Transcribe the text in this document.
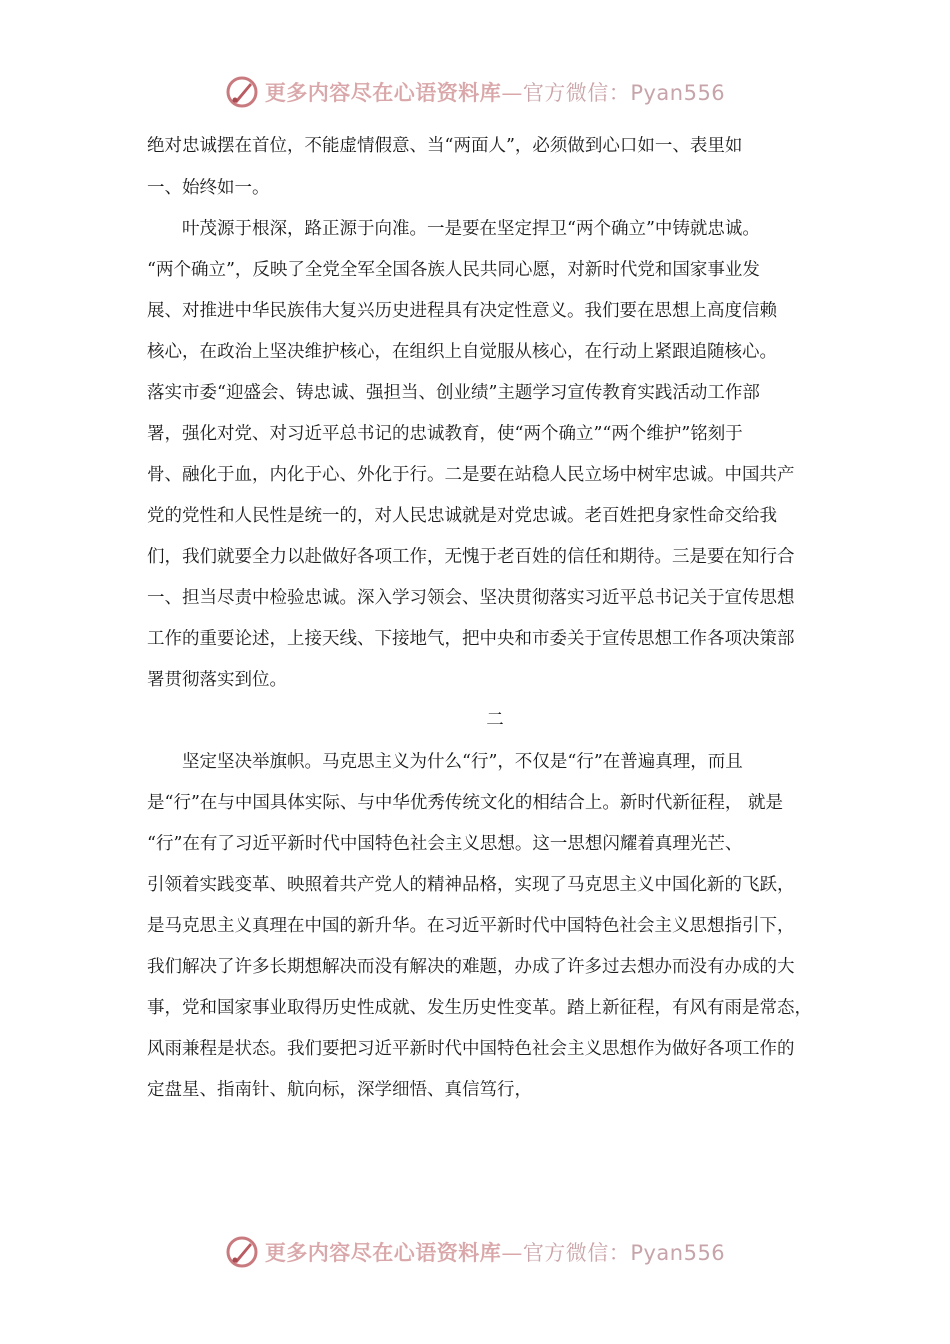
更多内容尽在心语资料库—官方微信：Pyan556
绝对忠诚摆在首位，不能虚情假意、当“两面人”，必须做到心口如一、表里如
一、始终如一。
　　叶茂源于根深，路正源于向准。一是要在坚定捍卫“两个确立”中铸就忠诚。
“两个确立”，反映了全党全军全国各族人民共同心愿，对新时代党和国家事业发
展、对推进中华民族伟大复兴历史进程具有决定性意义。我们要在思想上高度信赖
核心，在政治上坚决维护核心，在组织上自觉服从核心，在行动上紧跟追随核心。
落实市委“迎盛会、铸忠诚、强担当、创业绩”主题学习宣传教育实践活动工作部
署，强化对党、对习近平总书记的忠诚教育，使“两个确立”“两个维护”铭刻于
骨、融化于血，内化于心、外化于行。二是要在站稳人民立场中树牢忠诚。中国共产
党的党性和人民性是统一的，对人民忠诚就是对党忠诚。老百姓把身家性命交给我
们，我们就要全力以赴做好各项工作，无愧于老百姓的信任和期待。三是要在知行合
一、担当尽责中检验忠诚。深入学习领会、坚决贯彻落实习近平总书记关于宣传思想
工作的重要论述，上接天线、下接地气，把中央和市委关于宣传思想工作各项决策部
署贯彻落实到位。
二
　　坚定坚决举旗帜。马克思主义为什么“行”，不仅是“行”在普遍真理，而且
是“行”在与中国具体实际、与中华优秀传统文化的相结合上。新时代新征程， 就是
“行”在有了习近平新时代中国特色社会主义思想。这一思想闪耀着真理光芒、
引领着实践变革、映照着共产党人的精神品格，实现了马克思主义中国化新的飞跃，
是马克思主义真理在中国的新升华。在习近平新时代中国特色社会主义思想指引下，
我们解决了许多长期想解决而没有解决的难题，办成了许多过去想办而没有办成的大
事，党和国家事业取得历史性成就、发生历史性变革。踏上新征程，有风有雨是常态，
风雨兼程是状态。我们要把习近平新时代中国特色社会主义思想作为做好各项工作的
定盘星、指南针、航向标，深学细悟、真信笃行，
更多内容尽在心语资料库—官方微信：Pyan556
